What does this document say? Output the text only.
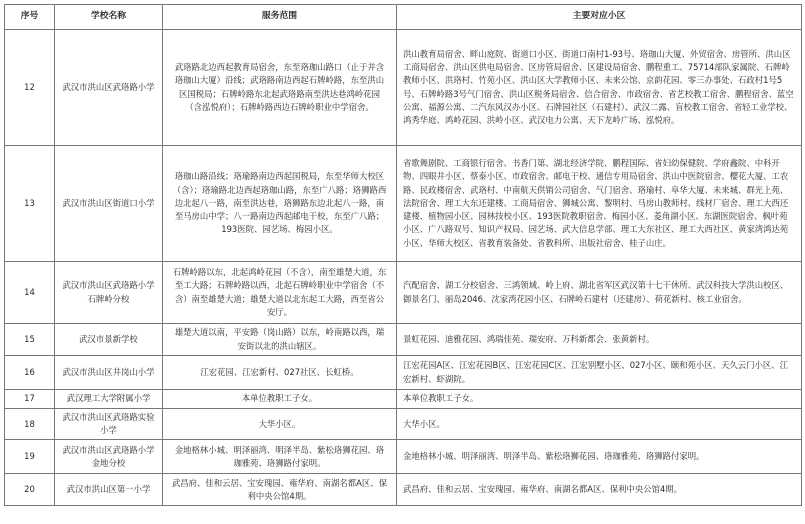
序号	学校名称	服务范围	主要对应小区
12	武汉市洪山区武珞路小学	武珞路北边西起教育局宿舍，东至珞珈山路口（止于并含珞珈山大厦）沿线；武珞路南边西起石牌岭路，东至洪山区国税局；石牌岭路东北起武珞路南至洪达巷鸿岭花园（含泓悦府）；石牌岭路西边石牌岭职业中学宿舍。	洪山教育局宿舍、畔山庭院、街道口小区、街道口南村1-93号、珞珈山大厦、外贸宿舍、房管所、洪山区工商局宿舍、洪山区供电局宿舍、区房管局宿舍、区建设局宿舍、鹏程重工、75714部队家属院、石牌岭教师小区、洪珞村、竹苑小区、洪山区大学教师小区、未来公馆、京韵花园、零三办事处、石政村1号5号、石牌岭路3号气门宿舍、洪山区税务局宿舍、信合宿舍、市政宿舍、省艺校教工宿舍、鹏程宿舍、蓝空公寓、福源公寓、二汽东风汉办小区、石牌园社区（石建村）、武汉二露、盲校教工宿舍、省轻工业学校、鸿秀华庭、鸿岭花园、洪岭小区、武汉电力公寓、天下龙岭广场、泓悦府。
13	武汉市洪山区街道口小学	珞珈山路沿线；珞瑜路南边西起国税局，东至华师大校区（含）；珞瑜路北边西起珞珈山路，东至广八路；珞狮路西边北起八一路，南至洪达巷，珞狮路东边北起八一路，南至马房山中学；八一路南边西起邮电干校，东至广八路；193医院、园艺场、梅园小区。	省歌舞剧院、工商银行宿舍、书香门第、湖北经济学院、鹏程国际、省妇幼保健院、学府鑫院、中科开物、四眼井小区、蔡泰小区、市政宿舍、邮电干校、通信专用局宿舍、洪山中医院宿舍、樱花大厦、工农路、民政楼宿舍、武珞村、中南航天供销公司宿舍、气门宿舍、珞瑜村、阜华大厦、未来城、群光上苑、法院宿舍、理工大东还建楼、工商局宿舍、狮城公寓、黎明村、马房山教师村、线材厂宿舍、理工大西还建楼、植物园小区、园林技校小区、193医院教职宿舍、梅园小区、菱角湖小区、东湖医院宿舍、枫叶苑小区、广八路双号、知识产权局、园艺场、武大信息学部、理工大东社区、理工大西社区、黄家湾鸿达苑小区、华师大校区、省教育装备处、省教科所、出版社宿舍、桂子山庄。
14	武汉市洪山区武珞路小学石牌岭分校	石牌岭路以东，北起鸿岭花园（不含），南至雄楚大道，东至工大路；石牌岭路以西，北起石牌岭职业中学宿舍（不含）南至雄楚大道；雄楚大道以北东起工大路，西至省公安厅。	汽配宿舍、湖工分校宿舍、三鸿领域、岭上府、湖北省军区武汉第十七干休所、武汉科技大学洪山校区、御景名门、丽岛2046、沈家湾花园小区、石牌岭石建村（还建房）、荷花新村、核工业宿舍。
15	武汉市景新学校	雄楚大道以南，平安路（岗山路）以东，岭南路以西，瑞安街以北的洪山辖区。	景虹花园、迪雅花园、鸿瑞佳苑、瑞安府、万科新都会、张黄新村。
16	武汉市洪山区井岗山小学	江宏花园、江宏新村、027社区、长虹桥。	江宏花园A区、江宏花园B区、江宏花园C区、江宏别墅小区、027小区、颐和苑小区、天久云门小区、江宏新村、虾湖院。
17	武汉理工大学附属小学	本单位教职工子女。	本单位教职工子女。
18	武汉市洪山区武珞路实验小学	大华小区。	大华小区。
19	武汉市洪山区武珞路小学金地分校	金地格林小城、明泽丽湾、明泽半岛、紫松珞狮花园、珞珈雅苑、珞狮路付家明。	金地格林小城、明泽丽湾、明泽半岛、紫松珞狮花园、珞珈雅苑、珞狮路付家明。
20	武汉市洪山区第一小学	武昌府、佳和云居、宝安瑰园、雍华府、南湖名都A区、保利中央公馆4期。	武昌府、佳和云居、宝安瑰园、雍华府、南湖名都A区、保利中央公馆4期。
